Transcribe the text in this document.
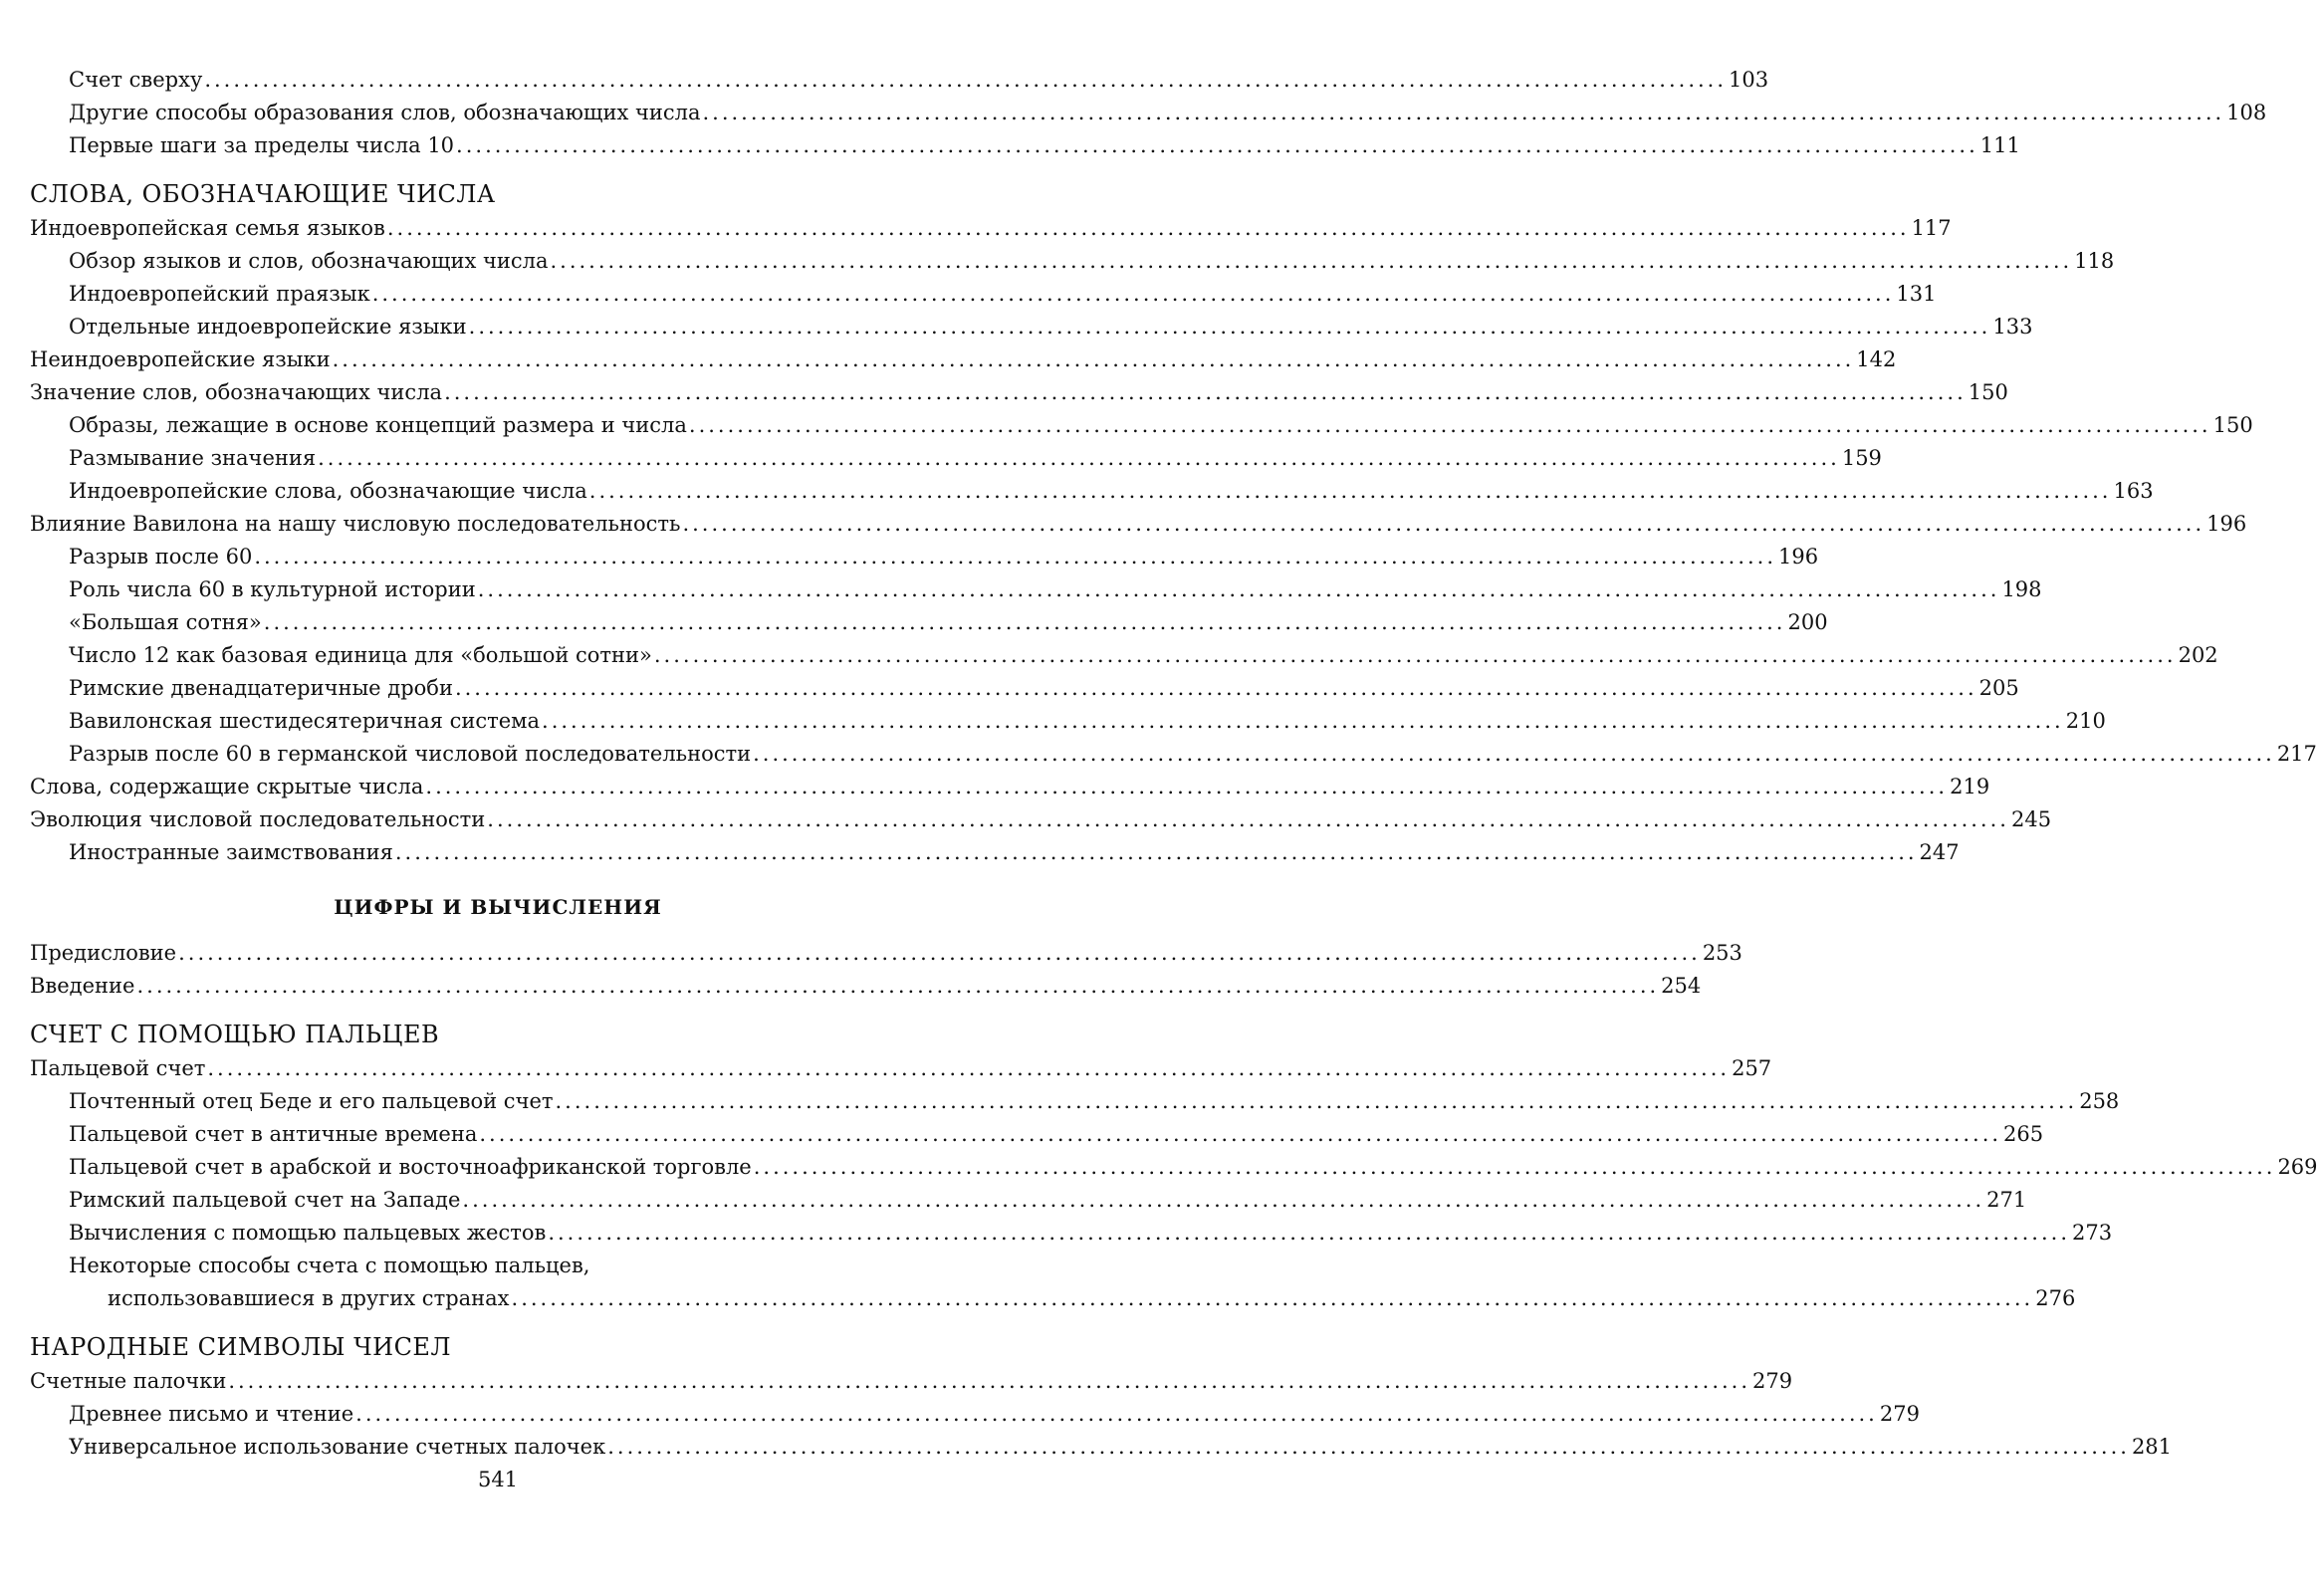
Счет сверху .....	103
Другие способы образования слов, обозначающих числа .....	108
Первые шаги за пределы числа 10 .....	111
СЛОВА, ОБОЗНАЧАЮЩИЕ ЧИСЛА
Индоевропейская семья языков .....	117
Обзор языков и слов, обозначающих числа .....	118
Индоевропейский праязык .....	131
Отдельные индоевропейские языки .....	133
Неиндоевропейские языки .....	142
Значение слов, обозначающих числа .....	150
Образы, лежащие в основе концепций размера и числа .....	150
Размывание значения .....	159
Индоевропейские слова, обозначающие числа .....	163
Влияние Вавилона на нашу числовую последовательность .....	196
Разрыв после 60 .....	196
Роль числа 60 в культурной истории .....	198
«Большая сотня» .....	200
Число 12 как базовая единица для «большой сотни» .....	202
Римские двенадцатеричные дроби .....	205
Вавилонская шестидесятеричная система .....	210
Разрыв после 60 в германской числовой последовательности .....	217
Слова, содержащие скрытые числа .....	219
Эволюция числовой последовательности .....	245
Иностранные заимствования .....	247
ЦИФРЫ И ВЫЧИСЛЕНИЯ
Предисловие .....	253
Введение .....	254
СЧЕТ С ПОМОЩЬЮ ПАЛЬЦЕВ
Пальцевой счет .....	257
Почтенный отец Беде и его пальцевой счет .....	258
Пальцевой счет в античные времена .....	265
Пальцевой счет в арабской и восточноафриканской торговле .....	269
Римский пальцевой счет на Западе .....	271
Вычисления с помощью пальцевых жестов .....	273
Некоторые способы счета с помощью пальцев,
использовавшиеся в других странах .....	276
НАРОДНЫЕ СИМВОЛЫ ЧИСЕЛ
Счетные палочки .....	279
Древнее письмо и чтение .....	279
Универсальное использование счетных палочек .....	281
541
